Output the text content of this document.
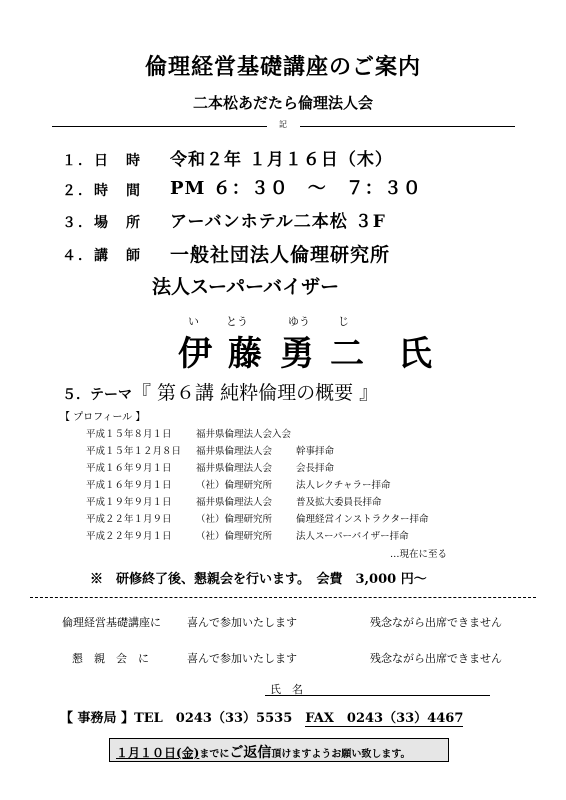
倫理経営基礎講座のご案内
二本松あだたら倫理法人会
記
１．日　時 令和２年 １月１６日（木）
２．時　間 PM ６：３０　～　７：３０
３．場　所 アーバンホテル二本松 ３F
４．講　師 一般社団法人倫理研究所
法人スーパーバイザー
い とう	ゆう	じ
伊 藤 勇 二 氏
５．テーマ『 第６講 純粋倫理の概要 』
【 プロフィール 】
平成１５年８月１日	福井県倫理法人会入会
平成１５年１２月８日 福井県倫理法人会	幹事拝命
平成１６年９月１日	福井県倫理法人会	会長拝命
平成１６年９月１日	（社）倫理研究所	法人レクチャラー拝命
平成１９年９月１日	福井県倫理法人会	普及拡大委員長拝命
平成２２年１月９日	（社）倫理研究所	倫理経営インストラクター拝命
平成２２年９月１日	（社）倫理研究所	法人スーパーバイザー拝命
…現在に至る
※　研修終了後、懇親会を行います。　会費　3,000 円～
倫理経営基礎講座に 喜んで参加いたします	残念ながら出席できません
懇　親　会　に	喜んで参加いたします	残念ながら出席できません
氏　名
【 事務局 】TEL　0243（33）5535　 FAX　0243（33）4467
１月１０日(金)までにご返信頂けますようお願い致します。
